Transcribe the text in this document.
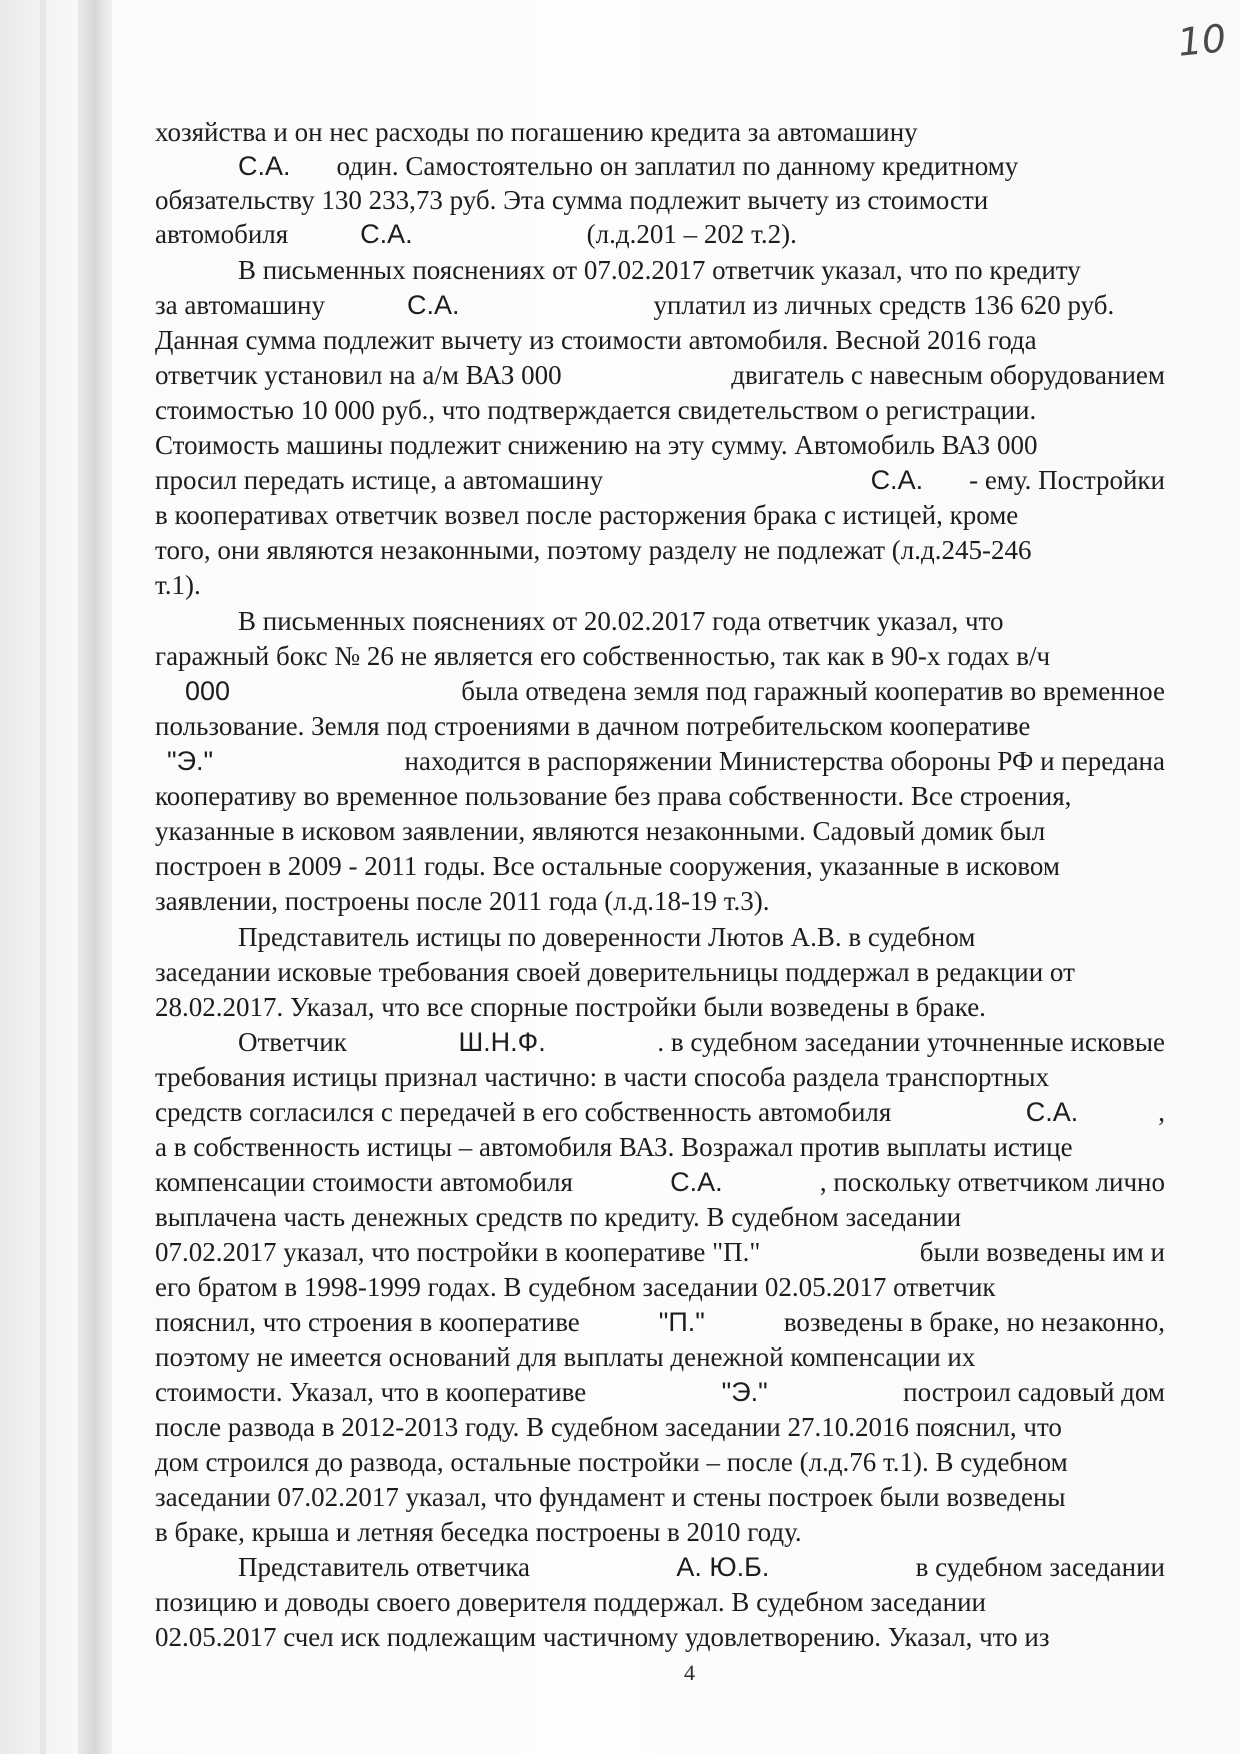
10
хозяйства и он нес расходы по погашению кредита за автомашину
С.А. один. Самостоятельно он заплатил по данному кредитному
обязательству 130 233,73 руб. Эта сумма подлежит вычету из стоимости
автомобиля	С.А.	(л.д.201 – 202 т.2).
В письменных пояснениях от 07.02.2017 ответчик указал, что по кредиту
за автомашину	С.А.	уплатил из личных средств 136 620 руб.
Данная сумма подлежит вычету из стоимости автомобиля. Весной 2016 года
ответчик установил на а/м ВАЗ 000	двигатель с навесным оборудованием
стоимостью 10 000 руб., что подтверждается свидетельством о регистрации.
Стоимость машины подлежит снижению на эту сумму. Автомобиль ВАЗ 000
просил передать истице, а автомашину	С.А. - ему. Постройки
в кооперативах ответчик возвел после расторжения брака с истицей, кроме
того, они являются незаконными, поэтому разделу не подлежат (л.д.245-246
т.1).
В письменных пояснениях от 20.02.2017 года ответчик указал, что
гаражный бокс № 26 не является его собственностью, так как в 90-х годах в/ч
000	была отведена земля под гаражный кооператив во временное
пользование. Земля под строениями в дачном потребительском кооперативе
"Э."	находится в распоряжении Министерства обороны РФ и передана
кооперативу во временное пользование без права собственности. Все строения,
указанные в исковом заявлении, являются незаконными. Садовый домик был
построен в 2009 - 2011 годы. Все остальные сооружения, указанные в исковом
заявлении, построены после 2011 года (л.д.18-19 т.3).
Представитель истицы по доверенности Лютов А.В. в судебном
заседании исковые требования своей доверительницы поддержал в редакции от
28.02.2017. Указал, что все спорные постройки были возведены в браке.
Ответчик	Ш.Н.Ф.	. в судебном заседании уточненные исковые
требования истицы признал частично: в части способа раздела транспортных
средств согласился с передачей в его собственность автомобиля	С.А.	,
а в собственность истицы – автомобиля ВАЗ. Возражал против выплаты истице
компенсации стоимости автомобиля	С.А.	, поскольку ответчиком лично
выплачена часть денежных средств по кредиту. В судебном заседании
07.02.2017 указал, что постройки в кооперативе "П."	были возведены им и
его братом в 1998-1999 годах. В судебном заседании 02.05.2017 ответчик
пояснил, что строения в кооперативе	"П."	возведены в браке, но незаконно,
поэтому не имеется оснований для выплаты денежной компенсации их
стоимости. Указал, что в кооперативе	"Э."	построил садовый дом
после развода в 2012-2013 году. В судебном заседании 27.10.2016 пояснил, что
дом строился до развода, остальные постройки – после (л.д.76 т.1). В судебном
заседании 07.02.2017 указал, что фундамент и стены построек были возведены
в браке, крыша и летняя беседка построены в 2010 году.
Представитель ответчика	А. Ю.Б.	в судебном заседании
позицию и доводы своего доверителя поддержал. В судебном заседании
02.05.2017 счел иск подлежащим частичному удовлетворению. Указал, что из
4
